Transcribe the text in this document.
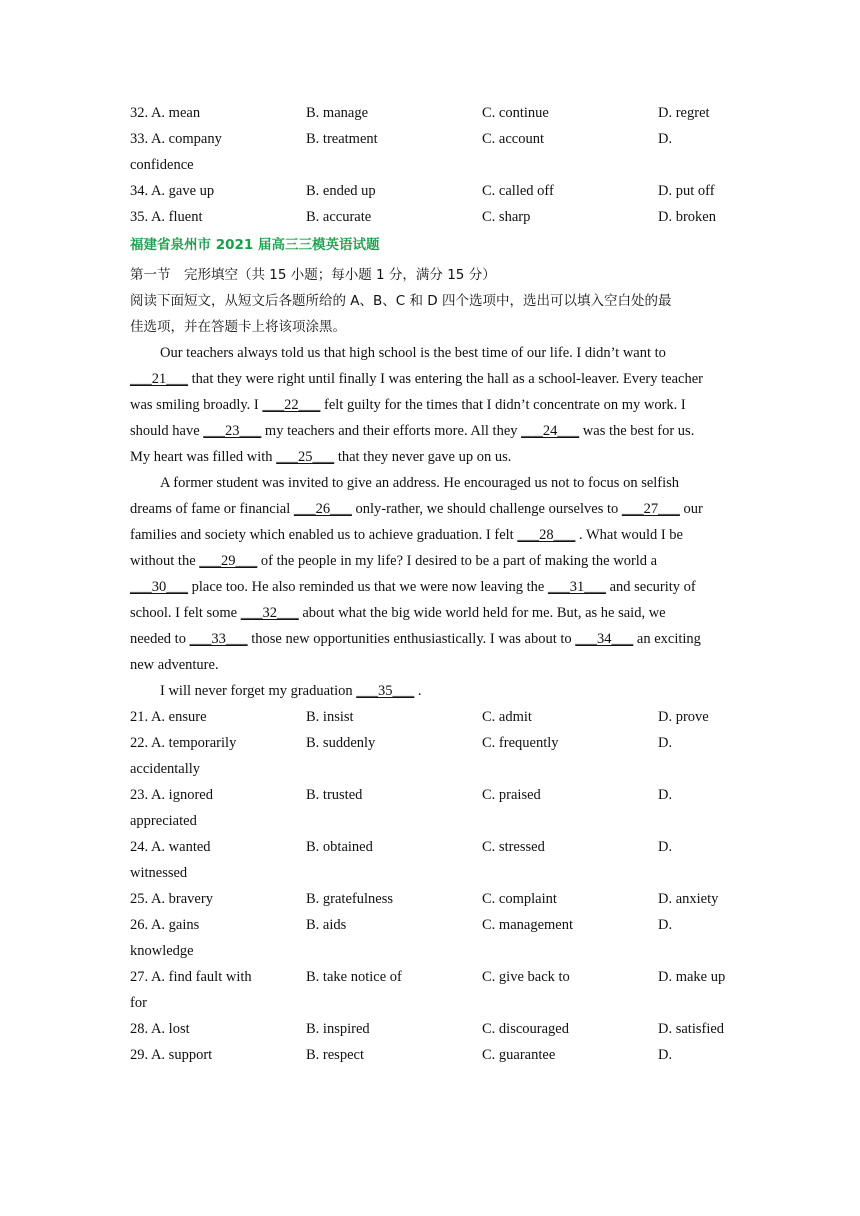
32. A. mean	B. manage	C. continue	D. regret
33. A. company	B. treatment	C. account	D.
confidence
34. A. gave up	B. ended up	C. called off	D. put off
35. A. fluent	B. accurate	C. sharp	D. broken
福建省泉州市 2021 届高三三模英语试题
第一节　完形填空（共 15 小题；每小题 1 分，满分 15 分）
阅读下面短文，从短文后各题所给的 A、B、C 和 D 四个选项中，选出可以填入空白处的最
佳选项，并在答题卡上将该项涂黑。
Our teachers always told us that high school is the best time of our life. I didn’t want to
___21___ that they were right until finally I was entering the hall as a school-leaver. Every teacher
was smiling broadly. I ___22___ felt guilty for the times that I didn’t concentrate on my work. I
should have ___23___ my teachers and their efforts more. All they ___24___ was the best for us.
My heart was filled with ___25___ that they never gave up on us.
A former student was invited to give an address. He encouraged us not to focus on selfish
dreams of fame or financial ___26___ only-rather, we should challenge ourselves to ___27___ our
families and society which enabled us to achieve graduation. I felt ___28___ . What would I be
without the ___29___ of the people in my life? I desired to be a part of making the world a
___30___ place too. He also reminded us that we were now leaving the ___31___ and security of
school. I felt some ___32___ about what the big wide world held for me. But, as he said, we
needed to ___33___ those new opportunities enthusiastically. I was about to ___34___ an exciting
new adventure.
I will never forget my graduation ___35___ .
21. A. ensure	B. insist	C. admit	D. prove
22. A. temporarily	B. suddenly	C. frequently	D.
accidentally
23. A. ignored	B. trusted	C. praised	D.
appreciated
24. A. wanted	B. obtained	C. stressed	D.
witnessed
25. A. bravery	B. gratefulness	C. complaint	D. anxiety
26. A. gains	B. aids	C. management	D.
knowledge
27. A. find fault with	B. take notice of	C. give back to	D. make up
for
28. A. lost	B. inspired	C. discouraged	D. satisfied
29. A. support	B. respect	C. guarantee	D.
